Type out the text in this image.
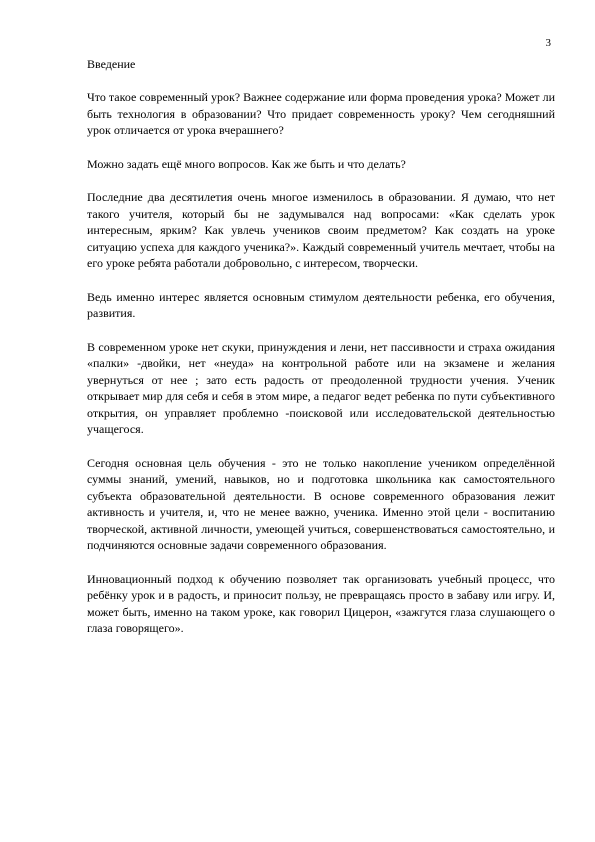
3

Введение

Что такое современный урок? Важнее содержание или форма проведения урока? Может ли быть технология в образовании? Что придает современность уроку? Чем сегодняшний урок отличается от урока вчерашнего?

Можно задать ещё много вопросов. Как же быть и что делать?

Последние два десятилетия очень многое изменилось в образовании. Я думаю, что нет такого учителя, который бы не задумывался над вопросами: «Как сделать урок интересным, ярким? Как увлечь учеников своим предметом? Как создать на уроке ситуацию успеха для каждого ученика?». Каждый современный учитель мечтает, чтобы на его уроке ребята работали добровольно, с интересом, творчески.

Ведь именно интерес является основным стимулом деятельности ребенка, его обучения, развития.

В современном уроке нет скуки, принуждения и лени, нет пассивности и страха ожидания «палки» -двойки, нет «неуда» на контрольной работе или на экзамене и желания увернуться от нее ; зато есть радость от преодоленной трудности учения. Ученик открывает мир для себя и себя в этом мире, а педагог ведет ребенка по пути субъективного открытия, он управляет проблемно -поисковой или исследовательской деятельностью учащегося.

Сегодня основная цель обучения - это не только накопление учеником определённой суммы знаний, умений, навыков, но и подготовка школьника как самостоятельного субъекта образовательной деятельности. В основе современного образования лежит активность и учителя, и, что не менее важно, ученика. Именно этой цели - воспитанию творческой, активной личности, умеющей учиться, совершенствоваться самостоятельно, и подчиняются основные задачи современного образования.

Инновационный подход к обучению позволяет так организовать учебный процесс, что ребёнку урок и в радость, и приносит пользу, не превращаясь просто в забаву или игру. И, может быть, именно на таком уроке, как говорил Цицерон, «зажгутся глаза слушающего о глаза говорящего».
